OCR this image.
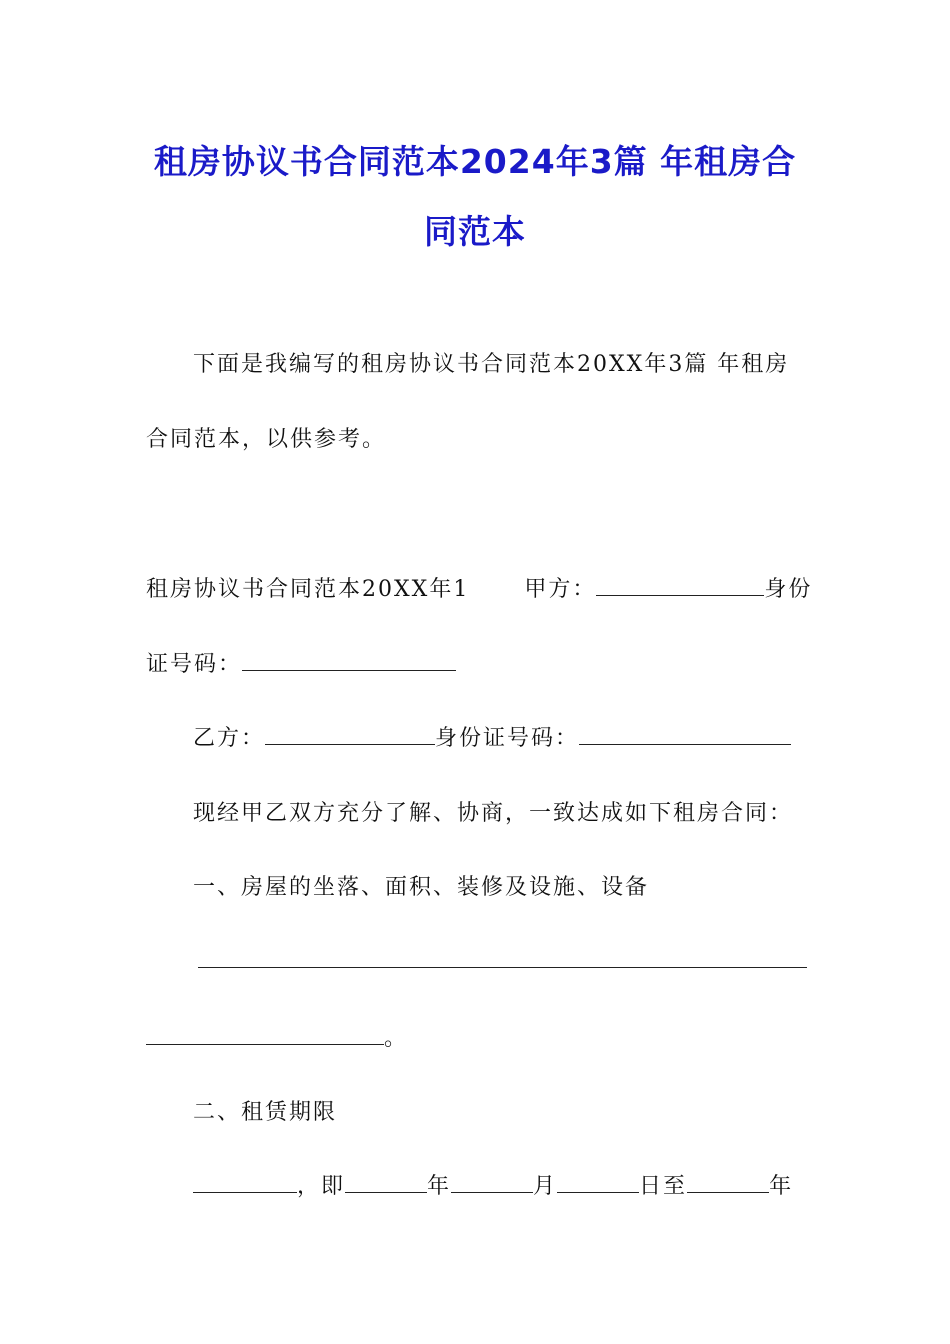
租房协议书合同范本2024年3篇 年租房合
同范本
下面是我编写的租房协议书合同范本20XX年3篇 年租房
合同范本，以供参考。
租房协议书合同范本20XX年1	甲方：	身份
证号码：
乙方：	身份证号码：
现经甲乙双方充分了解、协商，一致达成如下租房合同：
一、房屋的坐落、面积、装修及设施、设备
。
二、租赁期限
，即	年	月	日至	年
